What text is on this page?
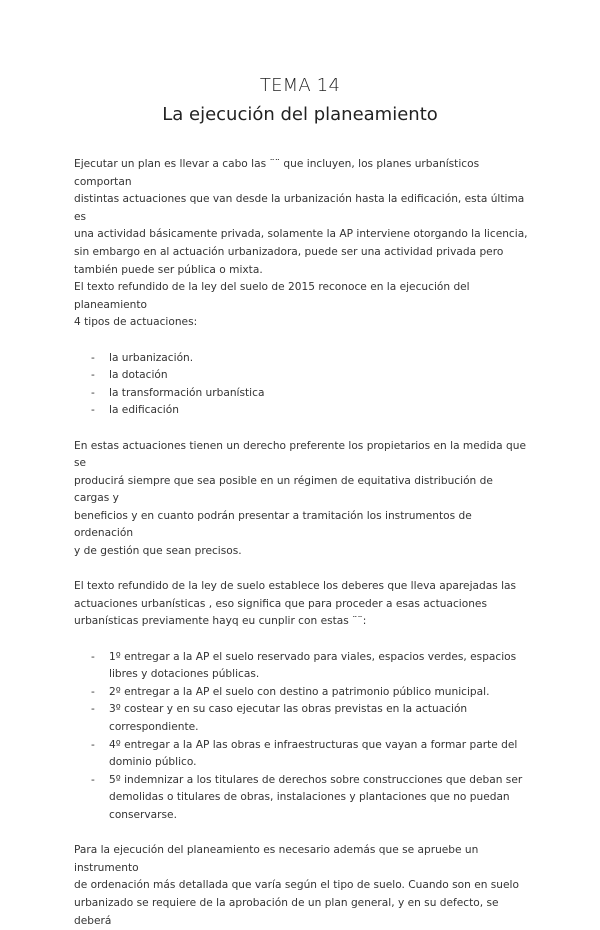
TEMA 14
La ejecución del planeamiento
Ejecutar un plan es llevar a cabo las ¨¨ que incluyen, los planes urbanísticos comportan
distintas actuaciones que van desde la urbanización hasta la edificación, esta última es
una actividad básicamente privada, solamente la AP interviene otorgando la licencia,
sin embargo en al actuación urbanizadora, puede ser una actividad privada pero
también puede ser pública o mixta.
El texto refundido de la ley del suelo de 2015 reconoce en la ejecución del planeamiento
4 tipos de actuaciones:
- la urbanización.
- la dotación
- la transformación urbanística
- la edificación
En estas actuaciones tienen un derecho preferente los propietarios en la medida que se
producirá siempre que sea posible en un régimen de equitativa distribución de cargas y
beneficios y en cuanto podrán presentar a tramitación los instrumentos de ordenación
y de gestión que sean precisos.
El texto refundido de la ley de suelo establece los deberes que lleva aparejadas las
actuaciones urbanísticas , eso significa que para proceder a esas actuaciones
urbanísticas previamente hayq eu cunplir con estas ¨¨:
- 1º entregar a la AP el suelo reservado para viales, espacios verdes, espacios
libres y dotaciones públicas.
- 2º entregar a la AP el suelo con destino a patrimonio público municipal.
- 3º costear y en su caso ejecutar las obras previstas en la actuación
correspondiente.
- 4º entregar a la AP las obras e infraestructuras que vayan a formar parte del
dominio público.
- 5º indemnizar a los titulares de derechos sobre construcciones que deban ser
demolidas o titulares de obras, instalaciones y plantaciones que no puedan
conservarse.
Para la ejecución del planeamiento es necesario además que se apruebe un instrumento
de ordenación más detallada que varía según el tipo de suelo. Cuando son en suelo
urbanizado se requiere de la aprobación de un plan general, y en su defecto, se deberá
